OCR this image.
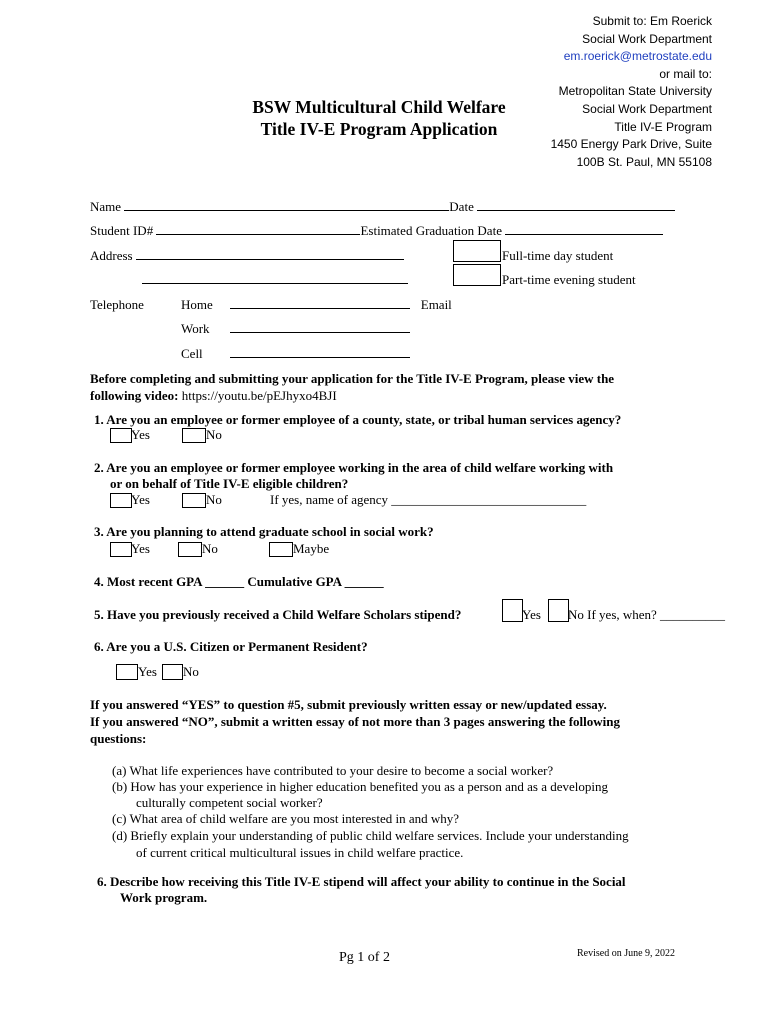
Submit to: Em Roerick
Social Work Department
em.roerick@metrostate.edu
or mail to:
Metropolitan State University
Social Work Department
Title IV-E Program
1450 Energy Park Drive, Suite
100B St. Paul, MN 55108
BSW Multicultural Child Welfare
Title IV-E Program Application
Name	Date
Student ID#	Estimated Graduation Date
Address	Full-time day student
Part-time evening student
Telephone	Home	Email
Work
Cell
Before completing and submitting your application for the Title IV-E Program, please view the
following video: https://youtu.be/pEJhyxo4BJI
1. Are you an employee or former employee of a county, state, or tribal human services agency?
Yes	No
2. Are you an employee or former employee working in the area of child welfare working with
or on behalf of Title IV-E eligible children?
Yes	No	If yes, name of agency ______________________________
3. Are you planning to attend graduate school in social work?
Yes	No	Maybe
4. Most recent GPA ______ Cumulative GPA ______
5. Have you previously received a Child Welfare Scholars stipend?	Yes No If yes, when? __________
6. Are you a U.S. Citizen or Permanent Resident?
Yes No
If you answered “YES” to question #5, submit previously written essay or new/updated essay.
If you answered “NO”, submit a written essay of not more than 3 pages answering the following
questions:
(a) What life experiences have contributed to your desire to become a social worker?
(b) How has your experience in higher education benefited you as a person and as a developing
culturally competent social worker?
(c) What area of child welfare are you most interested in and why?
(d) Briefly explain your understanding of public child welfare services. Include your understanding
of current critical multicultural issues in child welfare practice.
6. Describe how receiving this Title IV-E stipend will affect your ability to continue in the Social
Work program.
Pg 1 of 2	Revised on June 9, 2022
